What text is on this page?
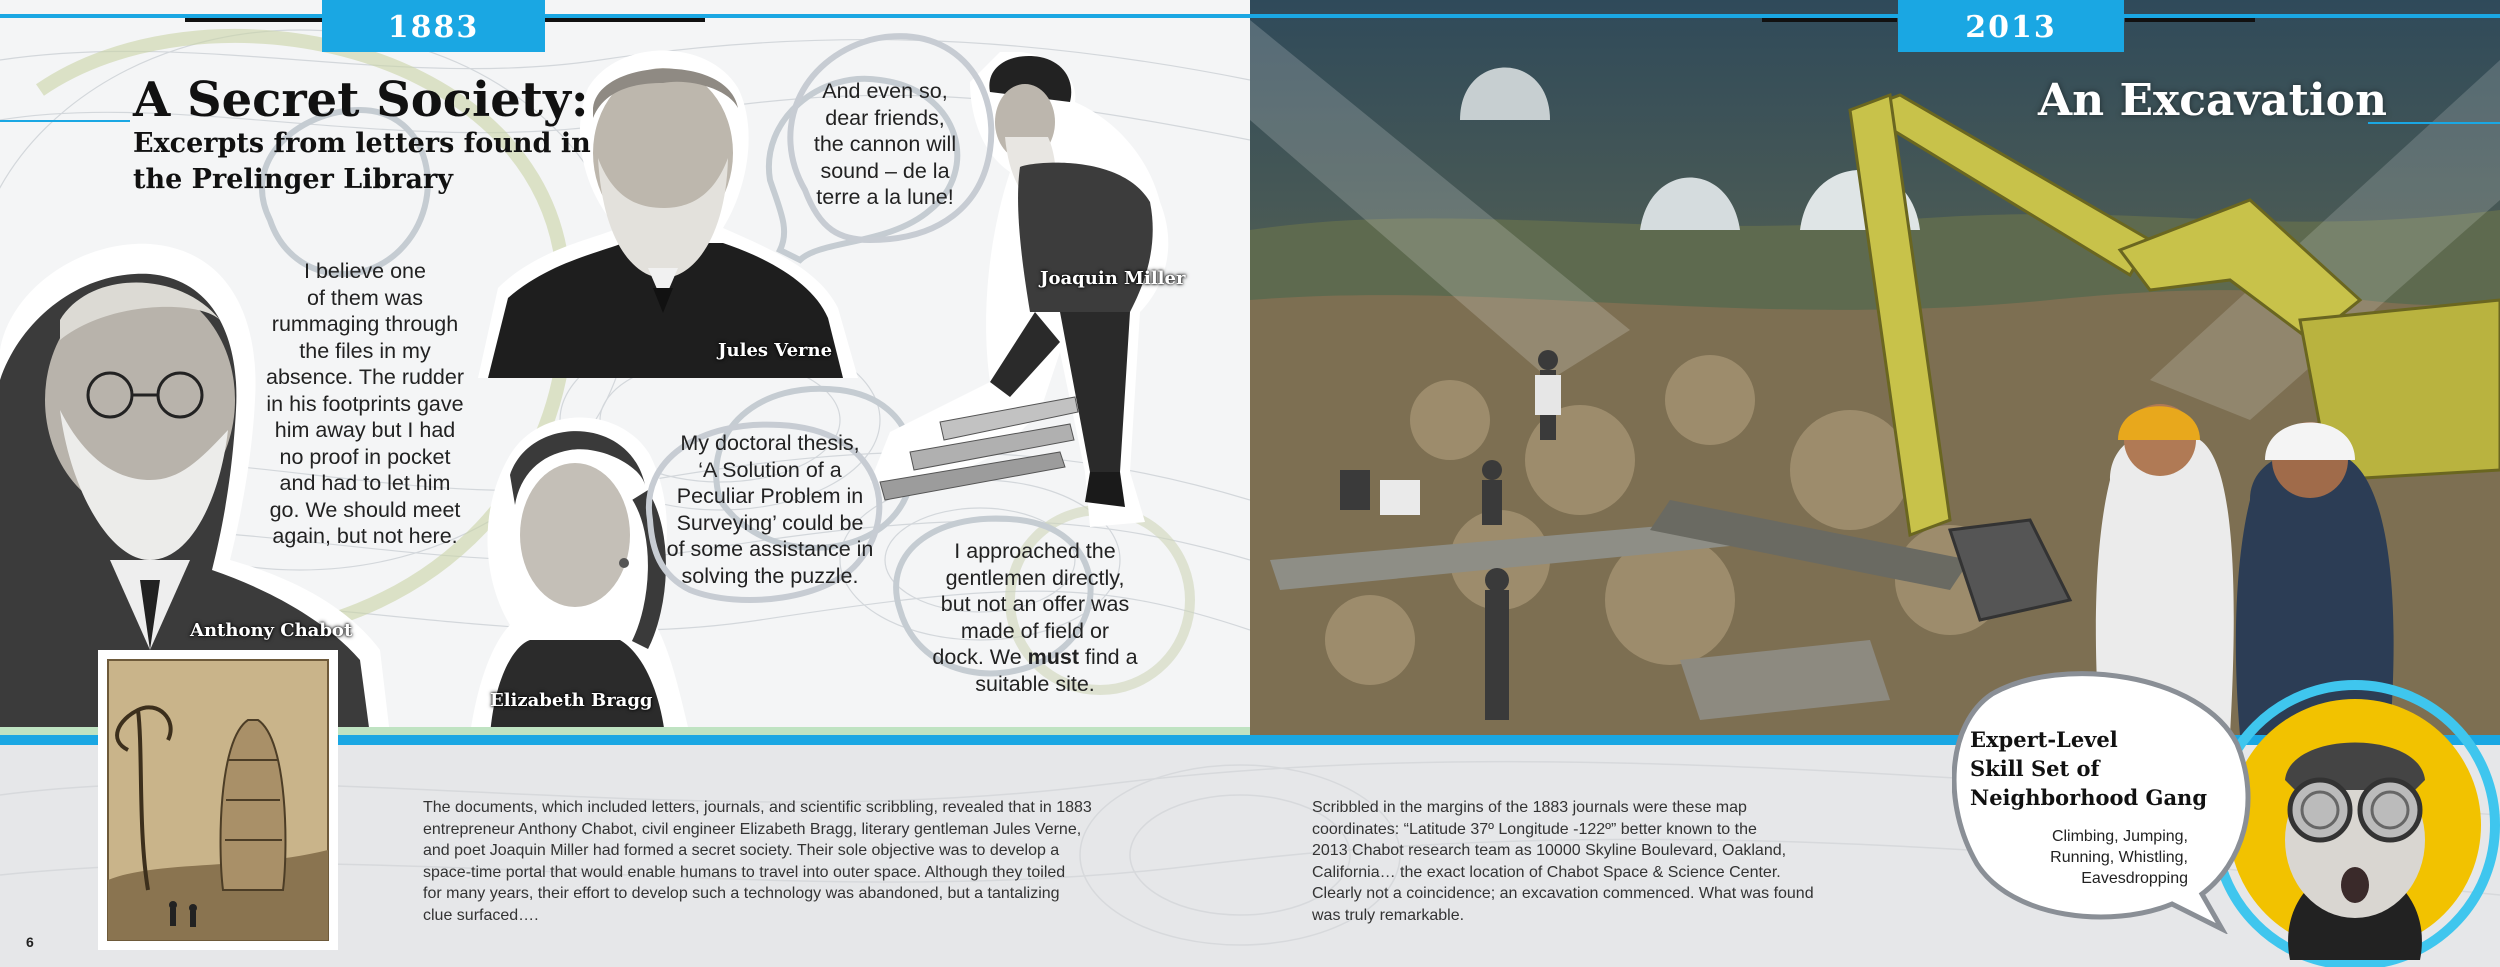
Anthony Chabot
Jules Verne
Elizabeth Bragg
Joaquin Miller
I believe one
of them was
rummaging through
the files in my
absence. The rudder
in his footprints gave
him away but I had
no proof in pocket
and had to let him
go. We should meet
again, but not here.
And even so,
dear friends,
the cannon will
sound – de la
terre a la lune!
My doctoral thesis,
‘A Solution of a
Peculiar Problem in
Surveying’ could be
of some assistance in
solving the puzzle.
I approached the
gentlemen directly,
but not an offer was
made of field or
dock. We must find a
suitable site.
A Secret Society:
Excerpts from letters found in
the Prelinger Library
1883	2013
An Excavation
The documents, which included letters, journals, and scientific scribbling, revealed that in 1883
entrepreneur Anthony Chabot, civil engineer Elizabeth Bragg, literary gentleman Jules Verne,
and poet Joaquin Miller had formed a secret society. Their sole objective was to develop a
space-time portal that would enable humans to travel into outer space. Although they toiled
for many years, their effort to develop such a technology was abandoned, but a tantalizing
clue surfaced….
Scribbled in the margins of the 1883 journals were these map
coordinates: “Latitude 37º Longitude -122º” better known to the
2013 Chabot research team as 10000 Skyline Boulevard, Oakland,
California… the exact location of Chabot Space & Science Center.
Clearly not a coincidence; an excavation commenced. What was found
was truly remarkable.
6
Expert-Level
Skill Set of
Neighborhood Gang
Climbing, Jumping,
Running, Whistling,
Eavesdropping
